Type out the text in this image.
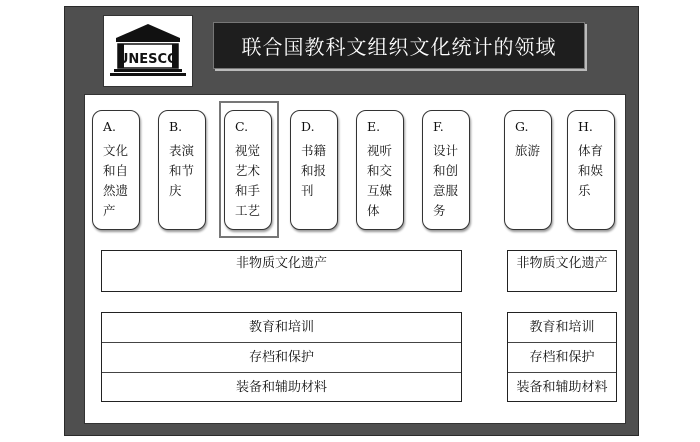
UNESCO
联合国教科文组织文化统计的领域
A.
文化和自然遗产
B.
表演和节庆
C.
视觉艺术和手工艺
D.
书籍和报刊
E.
视听和交互媒体
F.
设计和创意服务
G.
旅游
H.
体育和娱乐
非物质文化遗产	非物质文化遗产
教育和培训
存档和保护
装备和辅助材料
教育和培训
存档和保护
装备和辅助材料
